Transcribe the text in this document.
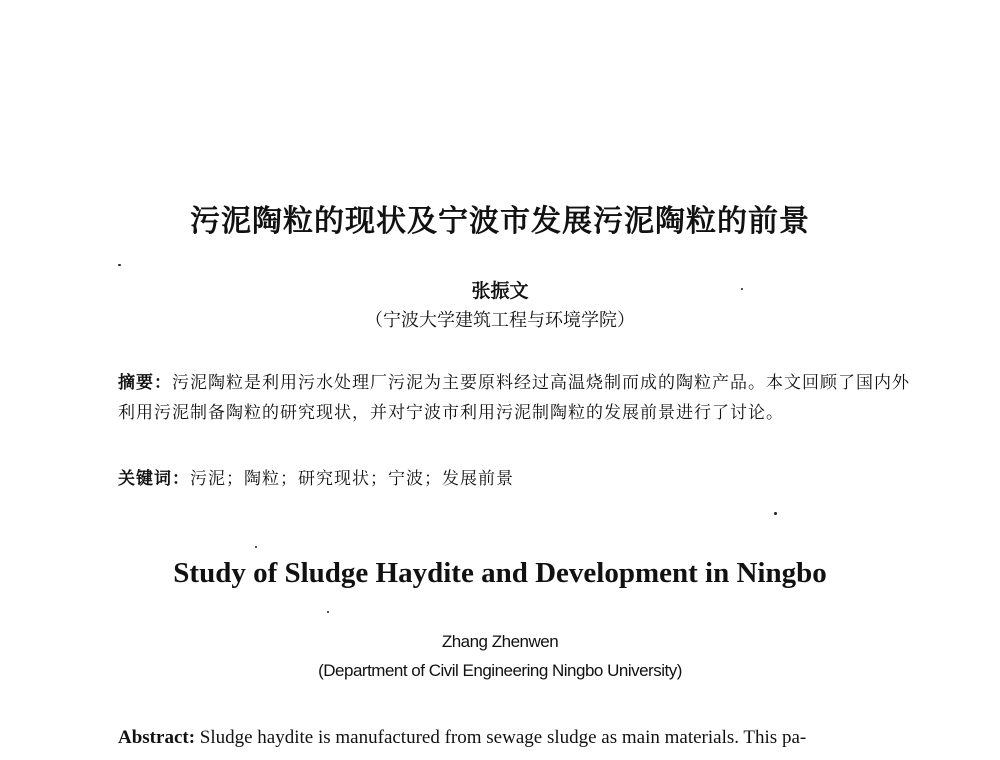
污泥陶粒的现状及宁波市发展污泥陶粒的前景
张振文
（宁波大学建筑工程与环境学院）
摘要：污泥陶粒是利用污水处理厂污泥为主要原料经过高温烧制而成的陶粒产品。本文回顾了国内外利用污泥制备陶粒的研究现状，并对宁波市利用污泥制陶粒的发展前景进行了讨论。
关键词：污泥；陶粒；研究现状；宁波；发展前景
Study of Sludge Haydite and Development in Ningbo
Zhang Zhenwen
(Department of Civil Engineering Ningbo University)
Abstract: Sludge haydite is manufactured from sewage sludge as main materials. This pa-
